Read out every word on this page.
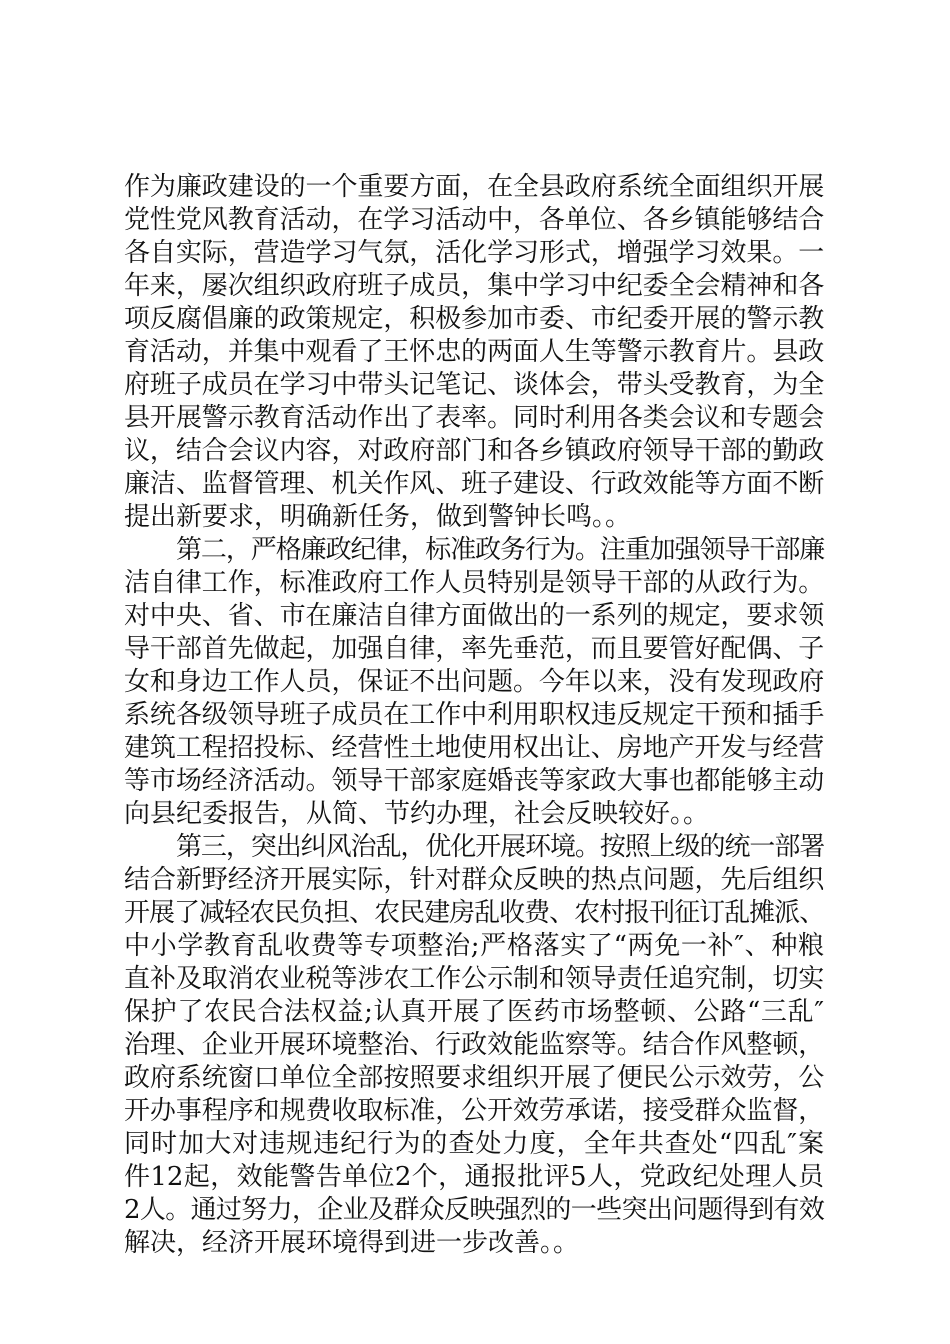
作为廉政建设的一个重要方面，在全县政府系统全面组织开展
党性党风教育活动，在学习活动中，各单位、各乡镇能够结合
各自实际，营造学习气氛，活化学习形式，增强学习效果。一
年来，屡次组织政府班子成员，集中学习中纪委全会精神和各
项反腐倡廉的政策规定，积极参加市委、市纪委开展的警示教
育活动，并集中观看了王怀忠的两面人生等警示教育片。县政
府班子成员在学习中带头记笔记、谈体会，带头受教育，为全
县开展警示教育活动作出了表率。同时利用各类会议和专题会
议，结合会议内容，对政府部门和各乡镇政府领导干部的勤政
廉洁、监督管理、机关作风、班子建设、行政效能等方面不断
提出新要求，明确新任务，做到警钟长鸣。。
第二，严格廉政纪律，标准政务行为。注重加强领导干部廉
洁自律工作，标准政府工作人员特别是领导干部的从政行为。
对中央、省、市在廉洁自律方面做出的一系列的规定，要求领
导干部首先做起，加强自律，率先垂范，而且要管好配偶、子
女和身边工作人员，保证不出问题。今年以来，没有发现政府
系统各级领导班子成员在工作中利用职权违反规定干预和插手
建筑工程招投标、经营性土地使用权出让、房地产开发与经营
等市场经济活动。领导干部家庭婚丧等家政大事也都能够主动
向县纪委报告，从简、节约办理，社会反映较好。。
第三，突出纠风治乱，优化开展环境。按照上级的统一部署
结合新野经济开展实际，针对群众反映的热点问题，先后组织
开展了减轻农民负担、农民建房乱收费、农村报刊征订乱摊派、
中小学教育乱收费等专项整治;严格落实了“两免一补″、种粮
直补及取消农业税等涉农工作公示制和领导责任追究制，切实
保护了农民合法权益;认真开展了医药市场整顿、公路“三乱″
治理、企业开展环境整治、行政效能监察等。结合作风整顿，
政府系统窗口单位全部按照要求组织开展了便民公示效劳，公
开办事程序和规费收取标准，公开效劳承诺，接受群众监督，
同时加大对违规违纪行为的查处力度，全年共查处“四乱″案
件12起，效能警告单位2个，通报批评5人，党政纪处理人员
2人。通过努力，企业及群众反映强烈的一些突出问题得到有效
解决，经济开展环境得到进一步改善。。
